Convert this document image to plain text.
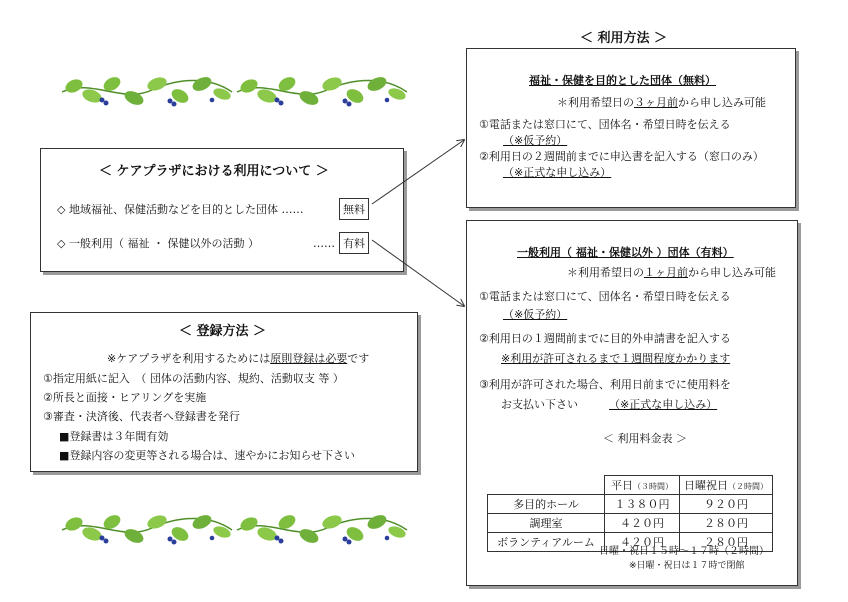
＜ ケアプラザにおける利用について ＞
◇ 地域福祉、保健活動などを目的とした団体 ……	無料
◇ 一般利用（ 福祉 ・ 保健以外の活動 ）	…… 有料
＜ 登録方法 ＞
※ケアプラザを利用するためには原則登録は必要です
①指定用紙に記入　（ 団体の活動内容、規約、活動収支 等 ）
②所長と面接・ヒアリングを実施
③審査・決済後、代表者へ登録書を発行
■登録書は３年間有効
■登録内容の変更等される場合は、速やかにお知らせ下さい
＜ 利用方法 ＞
福祉・保健を目的とした団体（無料）
＊利用希望日の３ヶ月前から申し込み可能
①電話または窓口にて、団体名・希望日時を伝える
（※仮予約）
②利用日の２週間前までに申込書を記入する（窓口のみ）
（※正式な申し込み）
一般利用（ 福祉・保健以外 ）団体（有料）
＊利用希望日の１ヶ月前から申し込み可能
①電話または窓口にて、団体名・希望日時を伝える
（※仮予約）
②利用日の１週間前までに目的外申請書を記入する
※利用が許可されるまで１週間程度かかります
③利用が許可された場合、利用日前までに使用料を
お支払い下さい	（※正式な申し込み）
＜ 利用料金表 ＞
	平日（３時間）	日曜祝日（２時間）
多目的ホール	１３８０円	９２０円
調理室	４２０円	２８０円
ボランティアルーム	４２０円	２８０円
日曜・祝日１５時～１７時（２時間）
※日曜・祝日は１７時で閉館
